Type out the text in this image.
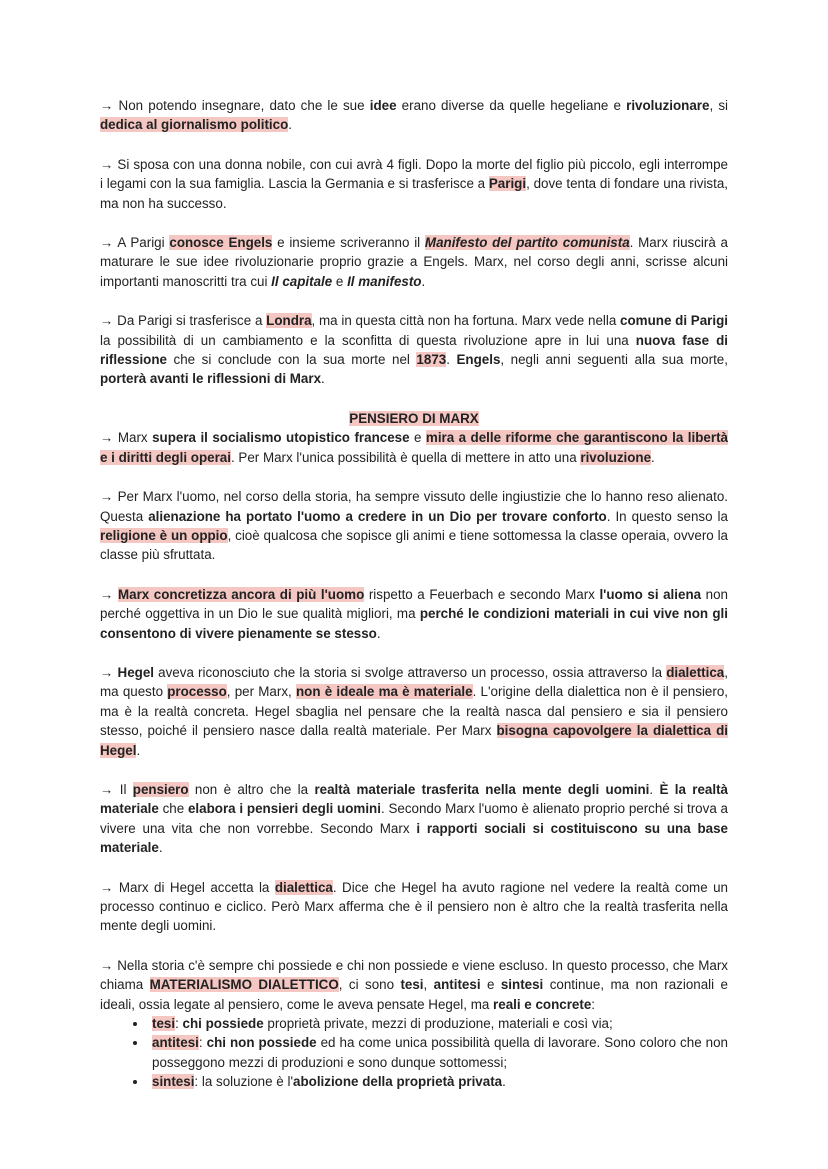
→ Non potendo insegnare, dato che le sue idee erano diverse da quelle hegeliane e rivoluzionare, si dedica al giornalismo politico.

→ Si sposa con una donna nobile, con cui avrà 4 figli. Dopo la morte del figlio più piccolo, egli interrompe i legami con la sua famiglia. Lascia la Germania e si trasferisce a Parigi, dove tenta di fondare una rivista, ma non ha successo.

→ A Parigi conosce Engels e insieme scriveranno il Manifesto del partito comunista. Marx riuscirà a maturare le sue idee rivoluzionarie proprio grazie a Engels. Marx, nel corso degli anni, scrisse alcuni importanti manoscritti tra cui Il capitale e Il manifesto.

→ Da Parigi si trasferisce a Londra, ma in questa città non ha fortuna. Marx vede nella comune di Parigi la possibilità di un cambiamento e la sconfitta di questa rivoluzione apre in lui una nuova fase di riflessione che si conclude con la sua morte nel 1873. Engels, negli anni seguenti alla sua morte, porterà avanti le riflessioni di Marx.

PENSIERO DI MARX

→ Marx supera il socialismo utopistico francese e mira a delle riforme che garantiscono la libertà e i diritti degli operai. Per Marx l'unica possibilità è quella di mettere in atto una rivoluzione.

→ Per Marx l'uomo, nel corso della storia, ha sempre vissuto delle ingiustizie che lo hanno reso alienato. Questa alienazione ha portato l'uomo a credere in un Dio per trovare conforto. In questo senso la religione è un oppio, cioè qualcosa che sopisce gli animi e tiene sottomessa la classe operaia, ovvero la classe più sfruttata.

→ Marx concretizza ancora di più l'uomo rispetto a Feuerbach e secondo Marx l'uomo si aliena non perché oggettiva in un Dio le sue qualità migliori, ma perché le condizioni materiali in cui vive non gli consentono di vivere pienamente se stesso.

→ Hegel aveva riconosciuto che la storia si svolge attraverso un processo, ossia attraverso la dialettica, ma questo processo, per Marx, non è ideale ma è materiale. L'origine della dialettica non è il pensiero, ma è la realtà concreta. Hegel sbaglia nel pensare che la realtà nasca dal pensiero e sia il pensiero stesso, poiché il pensiero nasce dalla realtà materiale. Per Marx bisogna capovolgere la dialettica di Hegel.

→ Il pensiero non è altro che la realtà materiale trasferita nella mente degli uomini. È la realtà materiale che elabora i pensieri degli uomini. Secondo Marx l'uomo è alienato proprio perché si trova a vivere una vita che non vorrebbe. Secondo Marx i rapporti sociali si costituiscono su una base materiale.

→ Marx di Hegel accetta la dialettica. Dice che Hegel ha avuto ragione nel vedere la realtà come un processo continuo e ciclico. Però Marx afferma che è il pensiero non è altro che la realtà trasferita nella mente degli uomini.

→ Nella storia c'è sempre chi possiede e chi non possiede e viene escluso. In questo processo, che Marx chiama MATERIALISMO DIALETTICO, ci sono tesi, antitesi e sintesi continue, ma non razionali e ideali, ossia legate al pensiero, come le aveva pensate Hegel, ma reali e concrete:

• tesi: chi possiede proprietà private, mezzi di produzione, materiali e così via;
• antitesi: chi non possiede ed ha come unica possibilità quella di lavorare. Sono coloro che non posseggono mezzi di produzioni e sono dunque sottomessi;
• sintesi: la soluzione è l'abolizione della proprietà privata.
